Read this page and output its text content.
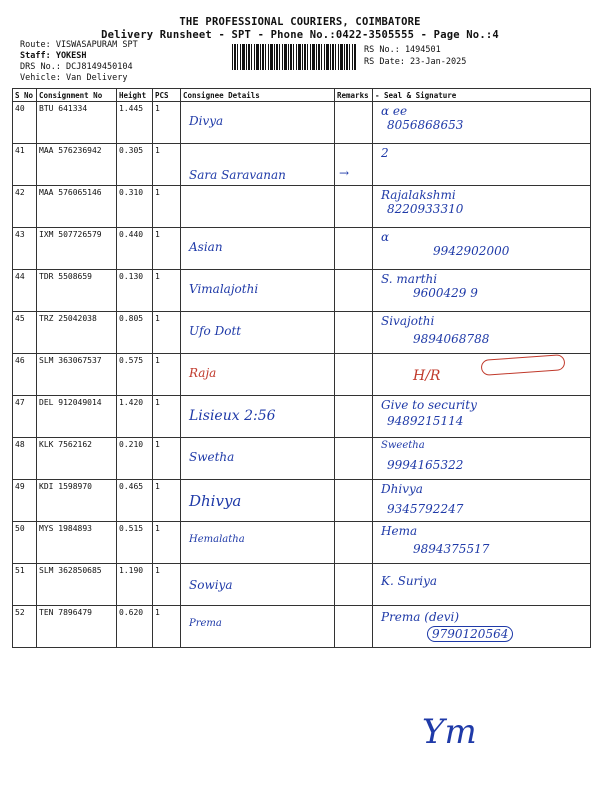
THE PROFESSIONAL COURIERS, COIMBATORE
Delivery Runsheet - SPT - Phone No.:0422-3505555 - Page No.:4
Route: VISWASAPURAM SPT
Staff: YOKESH
DRS No.: DCJ8149450104
Vehicle: Van Delivery
RS No.: 1494501
RS Date: 23-Jan-2025
S No	Consignment No	Height	PCS	Consignee Details	Remarks	- Seal & Signature
40	BTU 641334	1.445	1	Divya		ɑ ee
8056868653

41	MAA 576236942	0.305	1	Sara Saravanan	→	2

42	MAA 576065146	0.310	1			Rajalakshmi
8220933310

43	IXM 507726579	0.440	1	Asian		ɑ
9942902000

44	TDR 5508659	0.130	1	Vimalajothi		S. marthi
9600429 9

45	TRZ 25042038	0.805	1	Ufo Dott		Sivajothi
9894068788

46	SLM 363067537	0.575	1	Raja		H/R

47	DEL 912049014	1.420	1	Lisieux 2:56		Give to security
9489215114

48	KLK 7562162	0.210	1	Swetha		Sweetha
9994165322

49	KDI 1598970	0.465	1	Dhivya		Dhivya
9345792247

50	MYS 1984893	0.515	1	Hemalatha		Hema
9894375517

51	SLM 362850685	1.190	1	Sowiya		K. Suriya

52	TEN 7896479	0.620	1	Prema		Prema (devi)
9790120564
Ym
